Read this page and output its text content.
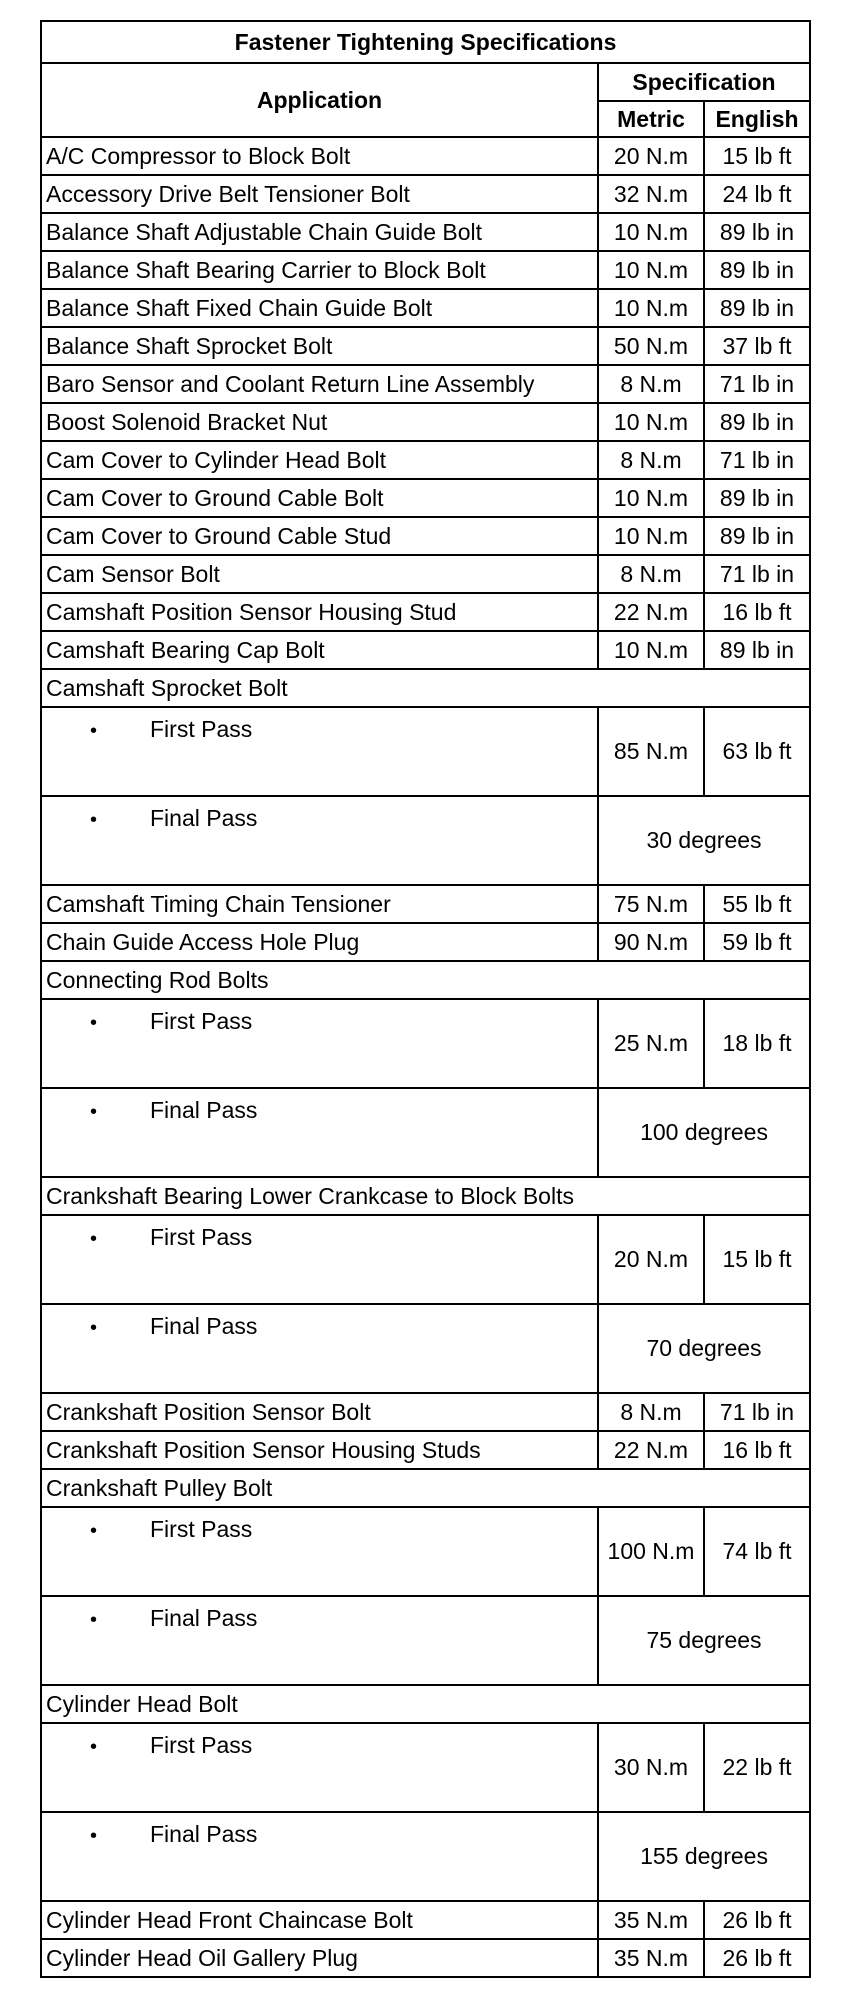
Fastener Tightening Specifications		
Application	Specification	
	Metric	English
A/C Compressor to Block Bolt	20 N.m	15 lb ft
Accessory Drive Belt Tensioner Bolt	32 N.m	24 lb ft
Balance Shaft Adjustable Chain Guide Bolt	10 N.m	89 lb in
Balance Shaft Bearing Carrier to Block Bolt	10 N.m	89 lb in
Balance Shaft Fixed Chain Guide Bolt	10 N.m	89 lb in
Balance Shaft Sprocket Bolt	50 N.m	37 lb ft
Baro Sensor and Coolant Return Line Assembly	8 N.m	71 lb in
Boost Solenoid Bracket Nut	10 N.m	89 lb in
Cam Cover to Cylinder Head Bolt	8 N.m	71 lb in
Cam Cover to Ground Cable Bolt	10 N.m	89 lb in
Cam Cover to Ground Cable Stud	10 N.m	89 lb in
Cam Sensor Bolt	8 N.m	71 lb in
Camshaft Position Sensor Housing Stud	22 N.m	16 lb ft
Camshaft Bearing Cap Bolt	10 N.m	89 lb in
Camshaft Sprocket Bolt		
• First Pass	85 N.m	63 lb ft
• Final Pass	30 degrees	
Camshaft Timing Chain Tensioner	75 N.m	55 lb ft
Chain Guide Access Hole Plug	90 N.m	59 lb ft
Connecting Rod Bolts		
• First Pass	25 N.m	18 lb ft
• Final Pass	100 degrees	
Crankshaft Bearing Lower Crankcase to Block Bolts		
• First Pass	20 N.m	15 lb ft
• Final Pass	70 degrees	
Crankshaft Position Sensor Bolt	8 N.m	71 lb in
Crankshaft Position Sensor Housing Studs	22 N.m	16 lb ft
Crankshaft Pulley Bolt		
• First Pass	100 N.m	74 lb ft
• Final Pass	75 degrees	
Cylinder Head Bolt		
• First Pass	30 N.m	22 lb ft
• Final Pass	155 degrees	
Cylinder Head Front Chaincase Bolt	35 N.m	26 lb ft
Cylinder Head Oil Gallery Plug	35 N.m	26 lb ft
